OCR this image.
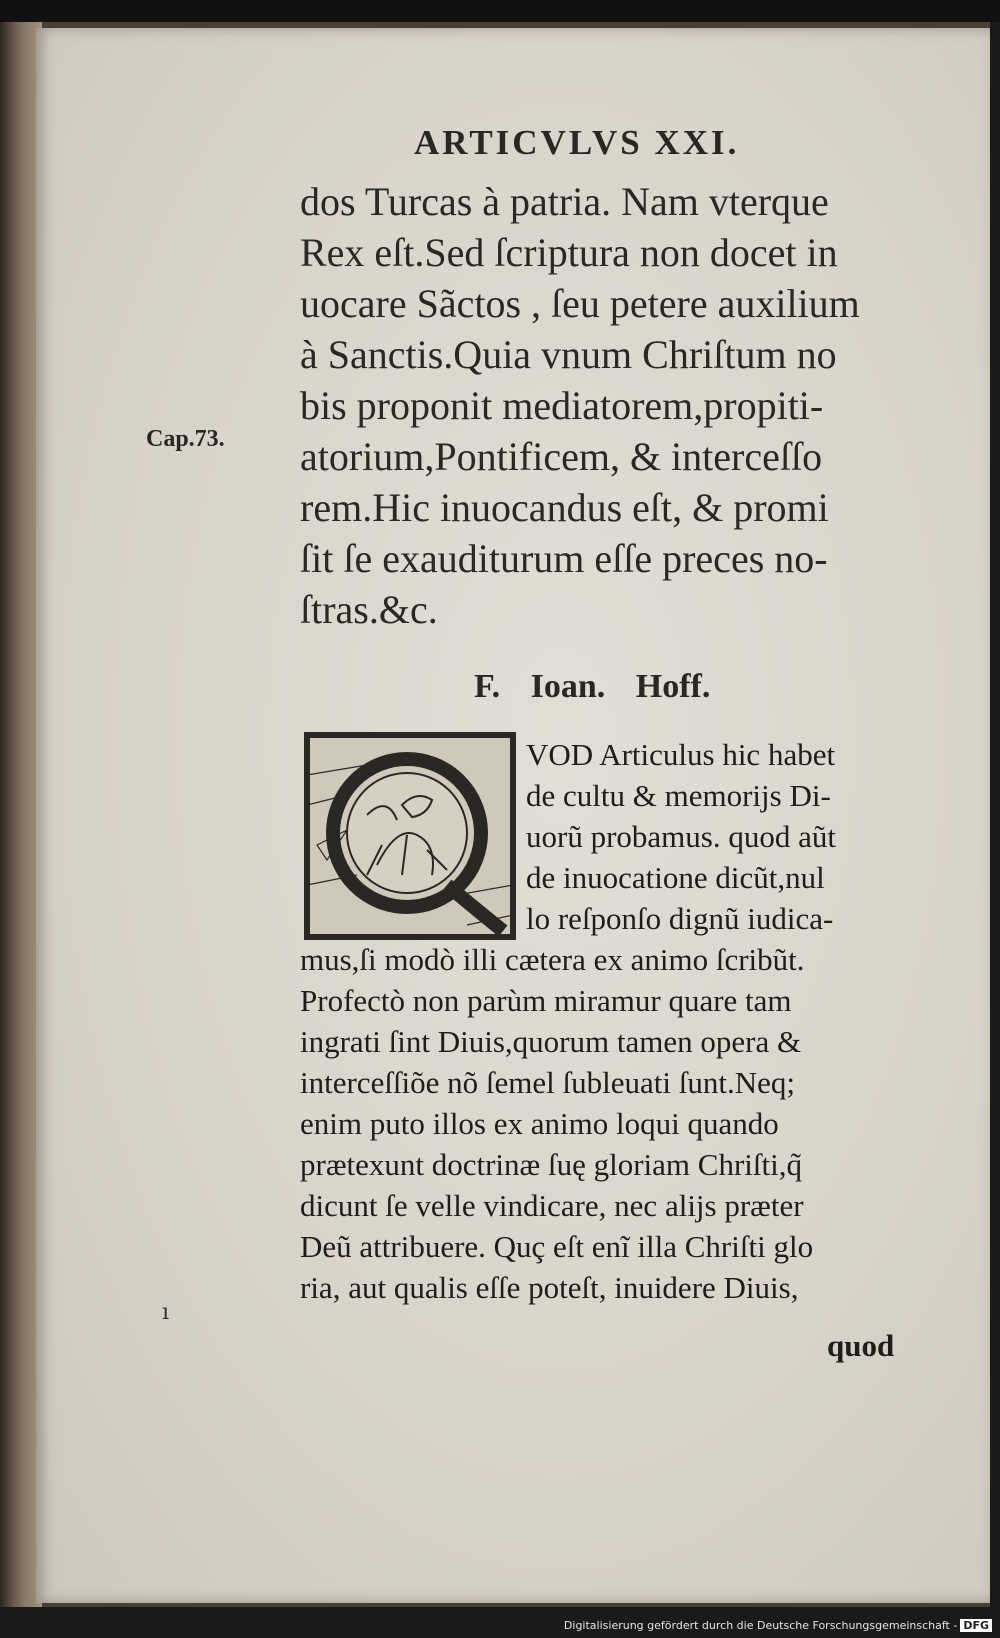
ARTICVLVS XXI.
dos Turcas à patria. Nam vterque
Rex eſt.Sed ſcriptura non docet in
uocare Sãctos , ſeu petere auxilium
à Sanctis.Quia vnum Chriſtum no
bis proponit mediatorem,propiti-
atorium,Pontificem, & interceſſo
rem.Hic inuocandus eſt, & promi
ſit ſe exauditurum eſſe preces no-
ſtras.&c.
Cap.73.
F. Ioan. Hoff.
VOD Articulus hic habet
de cultu & memorijs Di-
uorũ probamus. quod aũt
de inuocatione dicũt,nul
lo reſponſo dignũ iudica-
mus,ſi modò illi cætera ex animo ſcribũt.
Profectò non parùm miramur quare tam
ingrati ſint Diuis,quorum tamen opera &
interceſſiõe nõ ſemel ſubleuati ſunt.Neq;
enim puto illos ex animo loqui quando
prætexunt doctrinæ ſuę gloriam Chriſti,q̃
dicunt ſe velle vindicare, nec alijs præter
Deũ attribuere. Quç eſt enĩ illa Chriſti glo
ria, aut qualis eſſe poteſt, inuidere Diuis,
quod
ı
Digitalisierung gefördert durch die Deutsche Forschungsgemeinschaft - DFG
